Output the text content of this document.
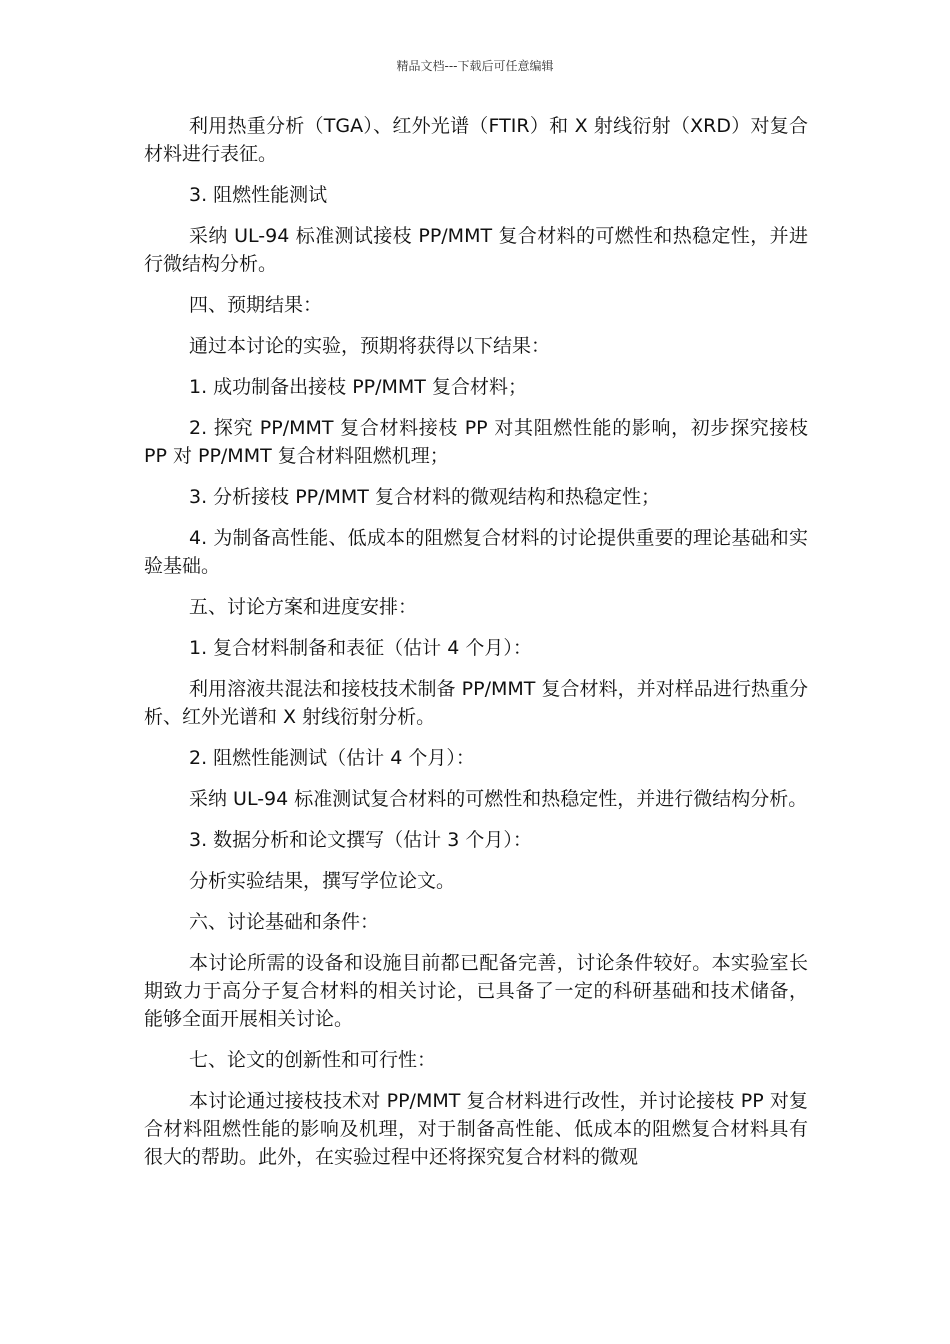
精品文档---下载后可任意编辑

利用热重分析（TGA）、红外光谱（FTIR）和 X 射线衍射（XRD）对复合材料进行表征。

3. 阻燃性能测试

采纳 UL-94 标准测试接枝 PP/MMT 复合材料的可燃性和热稳定性，并进行微结构分析。

四、预期结果：

通过本讨论的实验，预期将获得以下结果：

1. 成功制备出接枝 PP/MMT 复合材料；

2. 探究 PP/MMT 复合材料接枝 PP 对其阻燃性能的影响，初步探究接枝 PP 对 PP/MMT 复合材料阻燃机理；

3. 分析接枝 PP/MMT 复合材料的微观结构和热稳定性；

4. 为制备高性能、低成本的阻燃复合材料的讨论提供重要的理论基础和实验基础。

五、讨论方案和进度安排：

1. 复合材料制备和表征（估计 4 个月）：

利用溶液共混法和接枝技术制备 PP/MMT 复合材料，并对样品进行热重分析、红外光谱和 X 射线衍射分析。

2. 阻燃性能测试（估计 4 个月）：

采纳 UL-94 标准测试复合材料的可燃性和热稳定性，并进行微结构分析。

3. 数据分析和论文撰写（估计 3 个月）：

分析实验结果，撰写学位论文。

六、讨论基础和条件：

本讨论所需的设备和设施目前都已配备完善，讨论条件较好。本实验室长期致力于高分子复合材料的相关讨论，已具备了一定的科研基础和技术储备，能够全面开展相关讨论。

七、论文的创新性和可行性：

本讨论通过接枝技术对 PP/MMT 复合材料进行改性，并讨论接枝 PP 对复合材料阻燃性能的影响及机理，对于制备高性能、低成本的阻燃复合材料具有很大的帮助。此外，在实验过程中还将探究复合材料的微观
